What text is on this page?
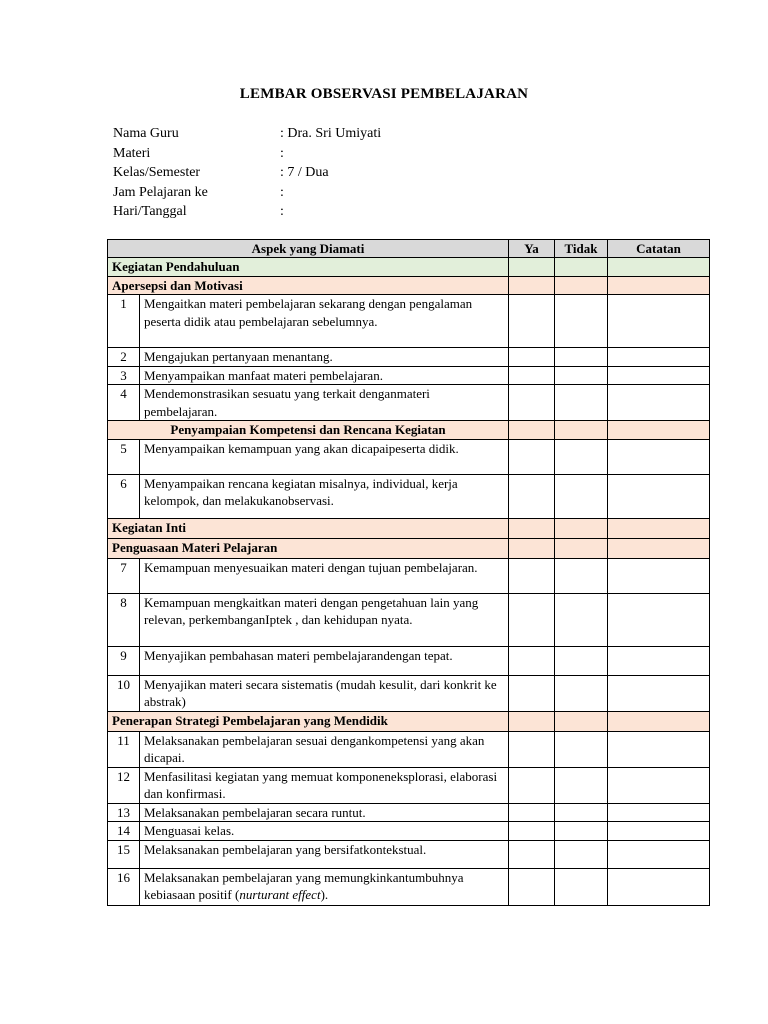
LEMBAR OBSERVASI PEMBELAJARAN
Nama Guru	: Dra. Sri Umiyati
Materi	:
Kelas/Semester	: 7 / Dua
Jam Pelajaran ke	:
Hari/Tanggal	:
Aspek yang Diamati		Ya	Tidak	Catatan
Kegiatan Pendahuluan				
Apersepsi dan Motivasi				
1	Mengaitkan materi pembelajaran sekarang dengan pengalaman peserta didik atau pembelajaran sebelumnya.			
2	Mengajukan pertanyaan menantang.			
3	Menyampaikan manfaat materi pembelajaran.			
4	Mendemonstrasikan sesuatu yang terkait denganmateri pembelajaran.			
Penyampaian Kompetensi dan Rencana Kegiatan				
5	Menyampaikan kemampuan yang akan dicapaipeserta didik.			
6	Menyampaikan rencana kegiatan misalnya, individual, kerja kelompok, dan melakukanobservasi.			
Kegiatan Inti				
Penguasaan Materi Pelajaran				
7	Kemampuan menyesuaikan materi dengan tujuan pembelajaran.			
8	Kemampuan mengkaitkan materi dengan pengetahuan lain yang relevan, perkembanganIptek , dan kehidupan nyata.			
9	Menyajikan pembahasan materi pembelajarandengan tepat.			
10	Menyajikan materi secara sistematis (mudah kesulit, dari konkrit ke abstrak)			
Penerapan Strategi Pembelajaran yang Mendidik				
11	Melaksanakan pembelajaran sesuai dengankompetensi yang akan dicapai.			
12	Menfasilitasi kegiatan yang memuat komponeneksplorasi, elaborasi dan konfirmasi.			
13	Melaksanakan pembelajaran secara runtut.			
14	Menguasai kelas.			
15	Melaksanakan pembelajaran yang bersifatkontekstual.			
16	Melaksanakan pembelajaran yang memungkinkantumbuhnya kebiasaan positif (nurturant effect).			
